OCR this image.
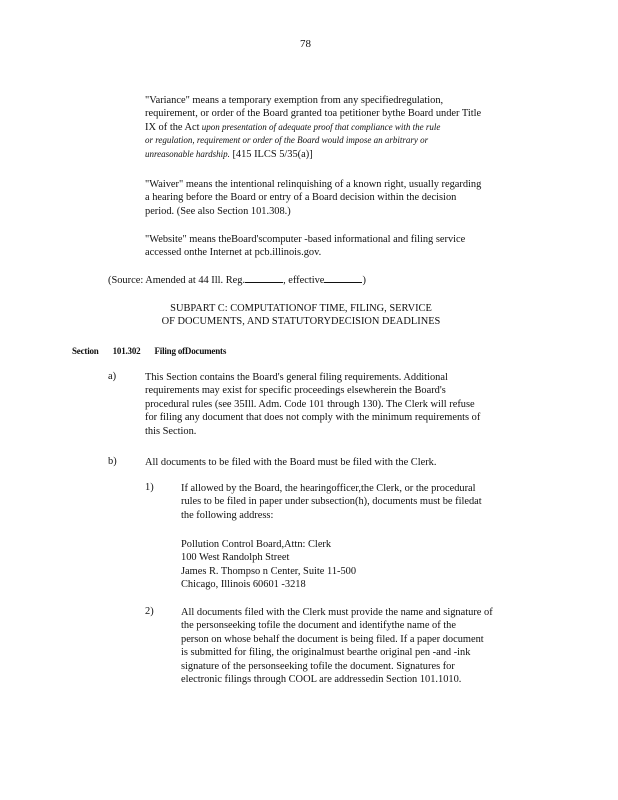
78
"Variance" means a temporary exemption from any specifiedregulation,
requirement, or order of the Board granted toa petitioner bythe Board under Title
IX of the Act upon presentation of adequate proof that compliance with the rule
or regulation, requirement or order of the Board would impose an arbitrary or
unreasonable hardship. [415 ILCS 5/35(a)]
"Waiver" means the intentional relinquishing of a known right, usually regarding
a hearing before the Board or entry of a Board decision within the decision
period. (See also Section 101.308.)
"Website" means theBoard'scomputer -based informational and filing service
accessed onthe Internet at pcb.illinois.gov.
(Source: Amended at 44 Ill. Reg.	, effective	)
SUBPART C: COMPUTATIONOF TIME, FILING, SERVICE
OF DOCUMENTS, AND STATUTORYDECISION DEADLINES
Section 101.302 Filing ofDocuments
a)	This Section contains the Board's general filing requirements. Additional
requirements may exist for specific proceedings elsewherein the Board's
procedural rules (see 35Ill. Adm. Code 101 through 130). The Clerk will refuse
for filing any document that does not comply with the minimum requirements of
this Section.
b)	All documents to be filed with the Board must be filed with the Clerk.
1)	If allowed by the Board, the hearingofficer,the Clerk, or the procedural
rules to be filed in paper under subsection(h), documents must be filedat
the following address:
Pollution Control Board,Attn: Clerk
100 West Randolph Street
James R. Thompso n Center, Suite 11-500
Chicago, Illinois 60601 -3218
2)	All documents filed with the Clerk must provide the name and signature of
the personseeking tofile the document and identifythe name of the
person on whose behalf the document is being filed. If a paper document
is submitted for filing, the originalmust bearthe original pen -and -ink
signature of the personseeking tofile the document. Signatures for
electronic filings through COOL are addressedin Section 101.1010.
